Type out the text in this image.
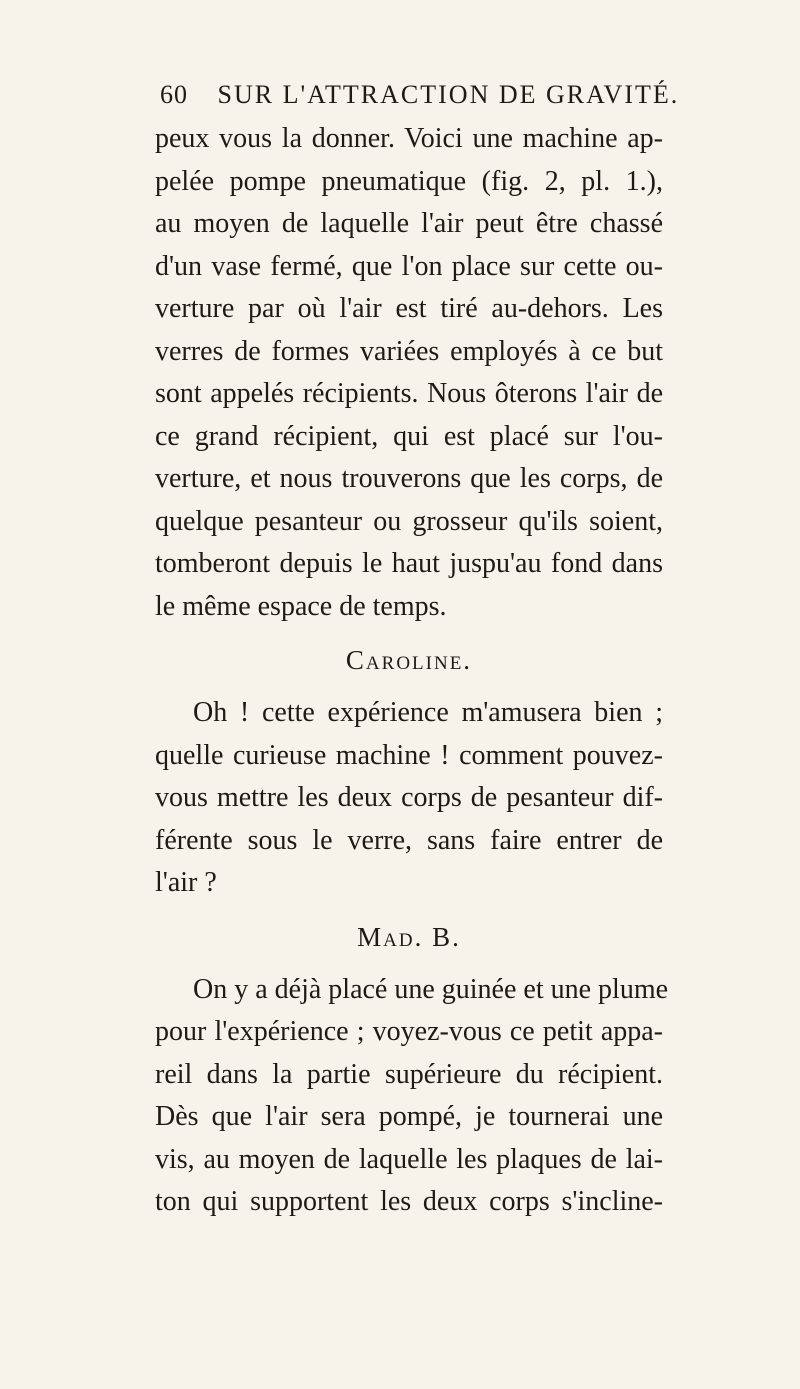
60 SUR L'ATTRACTION DE GRAVITÉ.
peux vous la donner. Voici une machine ap-
pelée pompe pneumatique (fig. 2, pl. 1.),
au moyen de laquelle l'air peut être chassé
d'un vase fermé, que l'on place sur cette ou-
verture par où l'air est tiré au-dehors. Les
verres de formes variées employés à ce but
sont appelés récipients. Nous ôterons l'air de
ce grand récipient, qui est placé sur l'ou-
verture, et nous trouverons que les corps, de
quelque pesanteur ou grosseur qu'ils soient,
tomberont depuis le haut juspu'au fond dans
le même espace de temps.
Caroline.
Oh ! cette expérience m'amusera bien ;
quelle curieuse machine ! comment pouvez-
vous mettre les deux corps de pesanteur dif-
férente sous le verre, sans faire entrer de
l'air ?
Mad. B.
On y a déjà placé une guinée et une plume
pour l'expérience ; voyez-vous ce petit appa-
reil dans la partie supérieure du récipient.
Dès que l'air sera pompé, je tournerai une
vis, au moyen de laquelle les plaques de lai-
ton qui supportent les deux corps s'incline-
